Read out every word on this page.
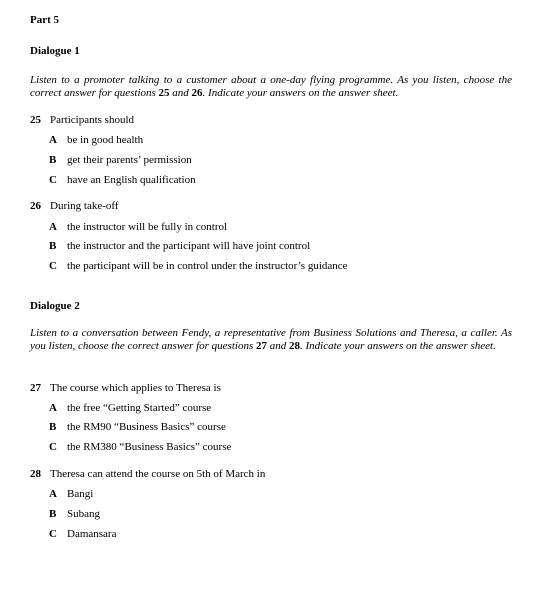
Part 5
Dialogue 1
Listen to a promoter talking to a customer about a one-day flying programme. As you listen, choose the correct answer for questions 25 and 26. Indicate your answers on the answer sheet.
25 Participants should
A be in good health
B get their parents’ permission
C have an English qualification
26 During take-off
A the instructor will be fully in control
B the instructor and the participant will have joint control
C the participant will be in control under the instructor’s guidance
Dialogue 2
Listen to a conversation between Fendy, a representative from Business Solutions and Theresa, a caller. As you listen, choose the correct answer for questions 27 and 28. Indicate your answers on the answer sheet.
27 The course which applies to Theresa is
A the free “Getting Started” course
B the RM90 “Business Basics” course
C the RM380 “Business Basics” course
28 Theresa can attend the course on 5th of March in
A Bangi
B Subang
C Damansara
